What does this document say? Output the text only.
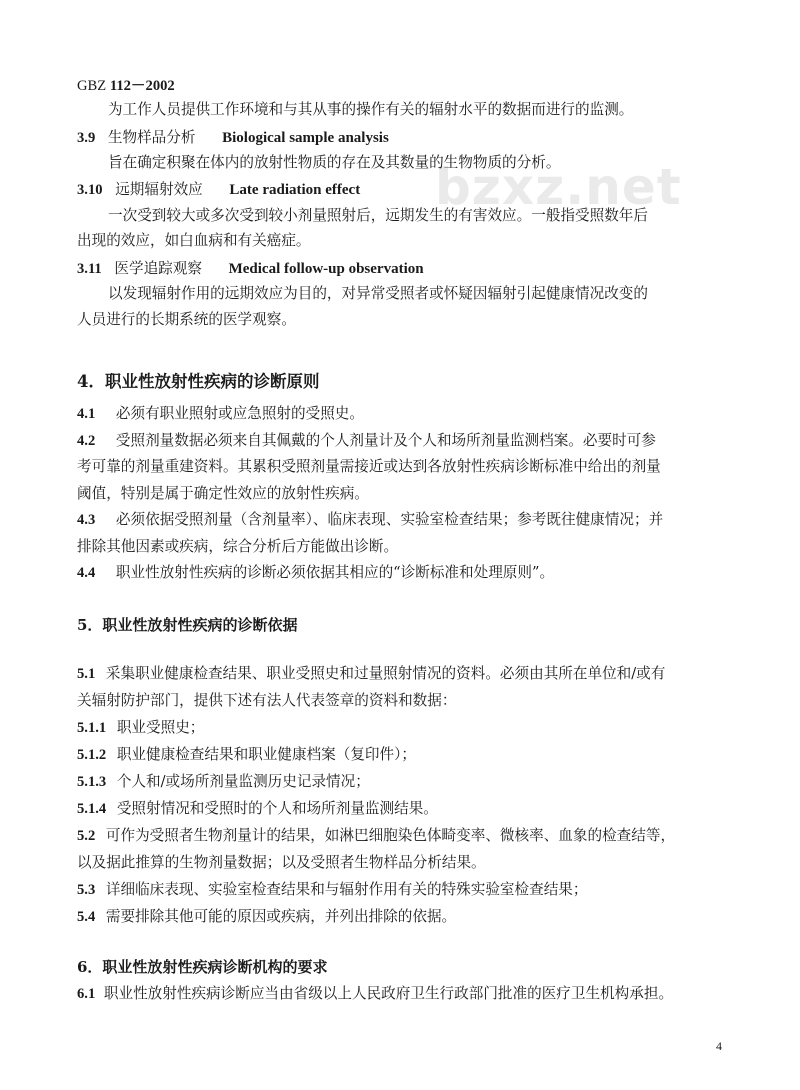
bzxz.net
GBZ 112－2002
为工作人员提供工作环境和与其从事的操作有关的辐射水平的数据而进行的监测。
3.9 生物样品分析 Biological sample analysis
旨在确定积聚在体内的放射性物质的存在及其数量的生物物质的分析。
3.10 远期辐射效应 Late radiation effect
一次受到较大或多次受到较小剂量照射后，远期发生的有害效应。一般指受照数年后
出现的效应，如白血病和有关癌症。
3.11 医学追踪观察 Medical follow-up observation
以发现辐射作用的远期效应为目的，对异常受照者或怀疑因辐射引起健康情况改变的
人员进行的长期系统的医学观察。
4．职业性放射性疾病的诊断原则
4.1 必须有职业照射或应急照射的受照史。
4.2 受照剂量数据必须来自其佩戴的个人剂量计及个人和场所剂量监测档案。必要时可参
考可靠的剂量重建资料。其累积受照剂量需接近或达到各放射性疾病诊断标准中给出的剂量
阈值，特别是属于确定性效应的放射性疾病。
4.3 必须依据受照剂量（含剂量率）、临床表现、实验室检查结果；参考既往健康情况；并
排除其他因素或疾病，综合分析后方能做出诊断。
4.4 职业性放射性疾病的诊断必须依据其相应的“诊断标准和处理原则”。
5．职业性放射性疾病的诊断依据
5.1 采集职业健康检查结果、职业受照史和过量照射情况的资料。必须由其所在单位和/或有
关辐射防护部门，提供下述有法人代表签章的资料和数据：
5.1.1 职业受照史；
5.1.2 职业健康检查结果和职业健康档案（复印件）；
5.1.3 个人和/或场所剂量监测历史记录情况；
5.1.4 受照射情况和受照时的个人和场所剂量监测结果。
5.2 可作为受照者生物剂量计的结果，如淋巴细胞染色体畸变率、微核率、血象的检查结等，
以及据此推算的生物剂量数据；以及受照者生物样品分析结果。
5.3 详细临床表现、实验室检查结果和与辐射作用有关的特殊实验室检查结果；
5.4 需要排除其他可能的原因或疾病，并列出排除的依据。
6．职业性放射性疾病诊断机构的要求
6.1 职业性放射性疾病诊断应当由省级以上人民政府卫生行政部门批准的医疗卫生机构承担。
4
